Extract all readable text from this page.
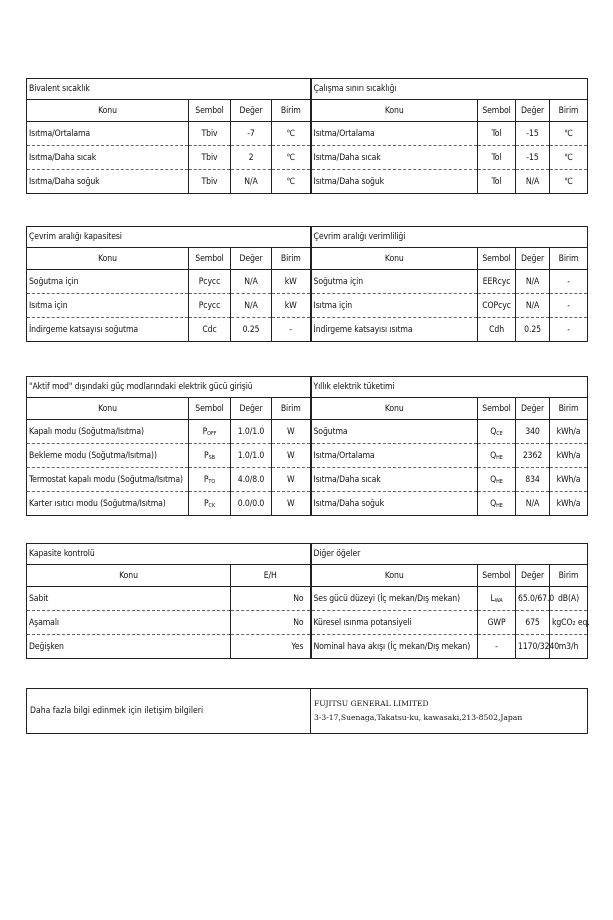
Bivalent sıcaklık				Çalışma sınırı sıcaklığı			
Konu	Sembol	Değer	Birim	Konu	Sembol	Değer	Birim
Isıtma/Ortalama	Tbiv	-7	℃	Isıtma/Ortalama	Tol	-15	℃
Isıtma/Daha sıcak	Tbiv	2	℃	Isıtma/Daha sıcak	Tol	-15	℃
Isıtma/Daha soğuk	Tbiv	N/A	℃	Isıtma/Daha soğuk	Tol	N/A	℃
Çevrim aralığı kapasitesi				Çevrim aralığı verimliliği			
Konu	Sembol	Değer	Birim	Konu	Sembol	Değer	Birim
Soğutma için	Pcycc	N/A	kW	Soğutma için	EERcyc	N/A	-
Isıtma için	Pcycc	N/A	kW	Isıtma için	COPcyc	N/A	-
İndirgeme katsayısı soğutma	Cdc	0.25	-	İndirgeme katsayısı ısıtma	Cdh	0.25	-
"Aktif mod" dışındaki güç modlarındaki elektrik gücü girişiü				Yıllık elektrik tüketimi			
Konu	Sembol	Değer	Birim	Konu	Sembol	Değer	Birim
Kapalı modu (Soğutma/Isıtma)	$P_{OFF}$	1.0/1.0	W	Soğutma	$Q_{CE}$	340	kWh/a
Bekleme modu (Soğutma/Isıtma))	$P_{SB}$	1.0/1.0	W	Isıtma/Ortalama	$Q_{HE}$	2362	kWh/a
Termostat kapalı modu (Soğutma/Isıtma)	$P_{TO}$	4.0/8.0	W	Isıtma/Daha sıcak	$Q_{HE}$	834	kWh/a
Karter ısıtıcı modu (Soğutma/Isıtma)	$P_{CK}$	0.0/0.0	W	Isıtma/Daha soğuk	$Q_{HE}$	N/A	kWh/a
Kapasite kontrolü		Diğer öğeler			
Konu	E/H	Konu	Sembol	Değer	Birim
Sabit	No	Ses gücü düzeyi (İç mekan/Dış mekan)	$L_{WA}$	65.0/67.0	dB(A)
Aşamalı	No	Küresel ısınma potansiyeli	GWP	675	kgCO₂ eq.
Değişken	Yes	Nominal hava akışı (İç mekan/Dış mekan)	-	1170/3240	m3/h
Daha fazla bilgi edinmek için iletişim bilgileri	
FUJITSU GENERAL LIMITED
3-3-17,Suenaga,Takatsu-ku, kawasaki,213-8502,Japan
